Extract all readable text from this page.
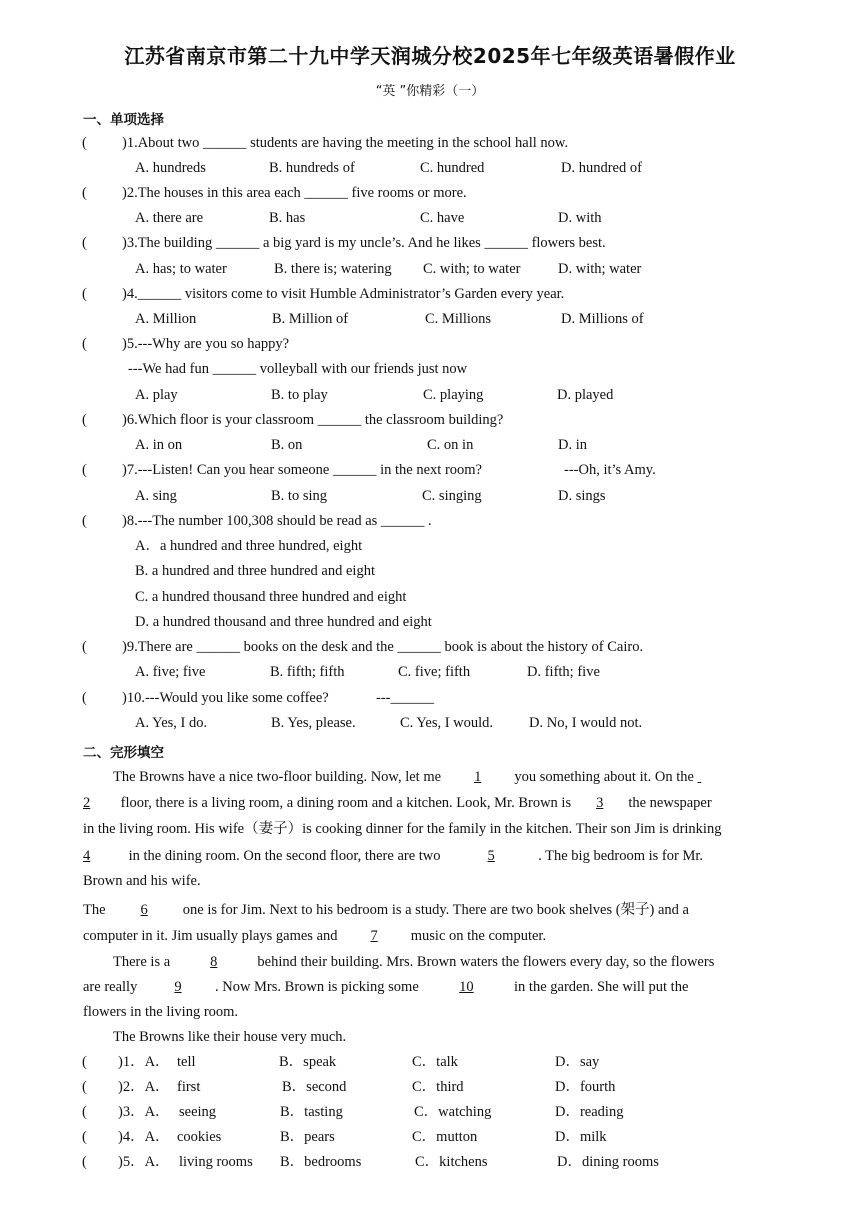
江苏省南京市第二十九中学天润城分校2025年七年级英语暑假作业
“英 ”你精彩（一）
一、单项选择
( )1.About two ______ students are having the meeting in the school hall now.
A. hundreds	B. hundreds of	C. hundred	D. hundred of
( )2.The houses in this area each ______ five rooms or more.
A. there are	B. has	C. have	D. with
( )3.The building ______ a big yard is my uncle’s. And he likes ______ flowers best.
A. has; to water	B. there is; watering C. with; to water	D. with; water
( )4.______ visitors come to visit Humble Administrator’s Garden every year.
A. Million	B. Million of	C. Millions	D. Millions of
( )5.---Why are you so happy?
---We had fun ______ volleyball with our friends just now
A. play	B. to play	C. playing	D. played
( )6.Which floor is your classroom ______ the classroom building?
A. in on	B. on	C. on in	D. in
( )7.---Listen! Can you hear someone ______ in the next room?	---Oh, it’s Amy.
A. sing	B. to sing	C. singing	D. sings
( )8.---The number 100,308 should be read as ______ .
A．a hundred and three hundred, eight
B. a hundred and three hundred and eight
C. a hundred thousand three hundred and eight
D. a hundred thousand and three hundred and eight
( )9.There are ______ books on the desk and the ______ book is about the history of Cairo.
A. five; five	B. fifth; fifth	C. five; fifth	D. fifth; five
( )10.---Would you like some coffee?	---______
A. Yes, I do.	B. Yes, please.	C. Yes, I would. D. No, I would not.
二、完形填空
The Browns have a nice two-floor building. Now, let me 1 you something about it. On the
2 floor, there is a living room, a dining room and a kitchen. Look, Mr. Brown is 3 the newspaper
in the living room. His wife（妻子）is cooking dinner for the family in the kitchen. Their son Jim is drinking
4 in the dining room. On the second floor, there are two	5	. The big bedroom is for Mr.
Brown and his wife.
The 6 one is for Jim. Next to his bedroom is a study. There are two book shelves (架子) and a
computer in it. Jim usually plays games and 7 music on the computer.
There is a	8	behind their building. Mrs. Brown waters the flowers every day, so the flowers
are really 9 . Now Mrs. Brown is picking some	10	in the garden. She will put the
flowers in the living room.
The Browns like their house very much.
( )1．A． tell	B．speak	C．talk	D．say
( )2．A． first	B．second	C．third	D．fourth
( )3．A． seeing	B．tasting	C．watching	D．reading
( )4．A． cookies	B．pears	C．mutton	D．milk
( )5．A． living rooms B．bedrooms	C．kitchens	D．dining rooms
